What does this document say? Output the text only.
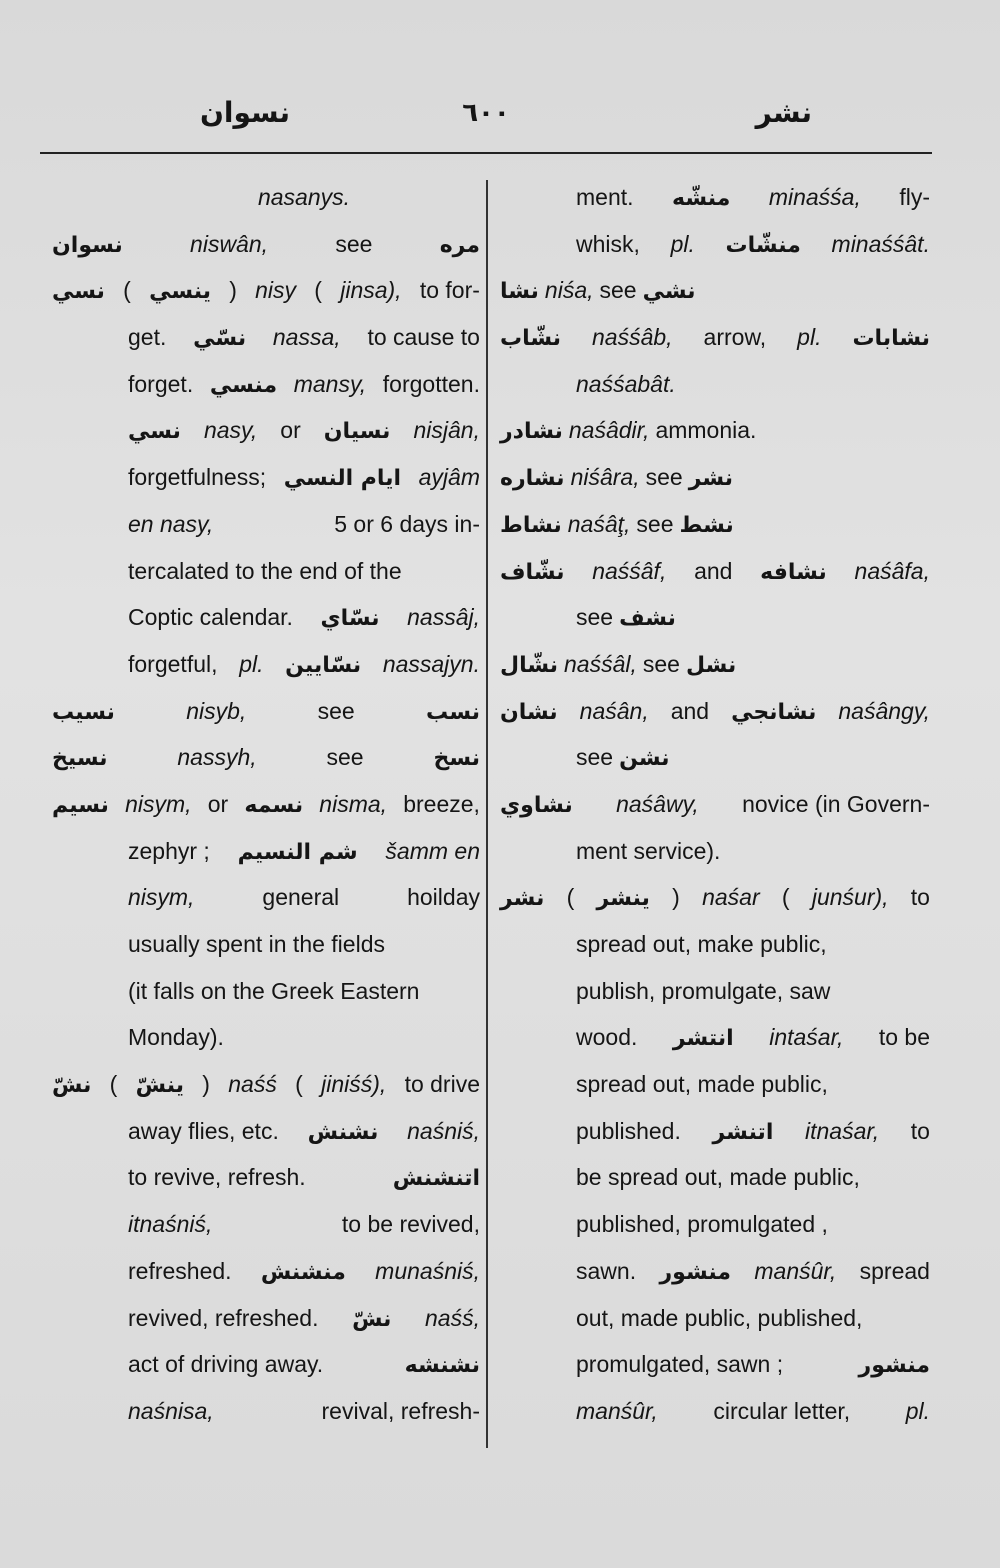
نسوان	٦٠٠	نشر
nasanys.
نسوان	niswân,	see	مره
نسي ( ينسي ) nisy ( jinsa), to for-
get. نسّي nassa, to cause to
forget. منسي mansy, forgotten.
نسي nasy, or نسيان nisjân,
forgetfulness; ايام النسي ayjâm
en nasy,	5 or 6 days in-
tercalated to the end of the
Coptic calendar. نسّاي nassâj,
forgetful, pl. نسّايين nassajyn.
نسيب	nisyb,	see	نسب
نسيخ	nassyh,	see	نسخ
نسيم nisym, or نسمه nisma, breeze,
zephyr ; شم النسيم šamm en
nisym,	general	hoilday
usually spent in the fields
(it falls on the Greek Eastern
Monday).
نشّ ( ينشّ ) naśś ( jiniśś), to drive
away flies, etc. نشنش naśniś,
to revive, refresh.	اتنشنش
itnaśniś,	to be revived,
refreshed. منشنش munaśniś,
revived, refreshed. نشّ naśś,
act of driving away.	نشنشه
naśnisa,	revival, refresh-
ment. منشّه minaśśa, fly-
whisk, pl. منشّات minaśśât.
نشا niśa, see نشي
نشّاب naśśâb, arrow, pl. نشابات
naśśabât.
نشادر naśâdir, ammonia.
نشاره niśâra, see نشر
نشاط naśâţ, see نشط
نشّاف naśśâf, and نشافه naśâfa,
see نشف
نشّال naśśâl, see نشل
نشان naśân, and نشانجي naśângy,
see نشن
نشاوي naśâwy, novice (in Govern-
ment service).
نشر ( ينشر ) naśar ( junśur), to
spread out, make public,
publish, promulgate, saw
wood. انتشر intaśar, to be
spread out, made public,
published. اتنشر itnaśar, to
be spread out, made public,
published, promulgated ,
sawn. منشور manśûr, spread
out, made public, published,
promulgated, sawn ;	منشور
manśûr, circular letter, pl.
